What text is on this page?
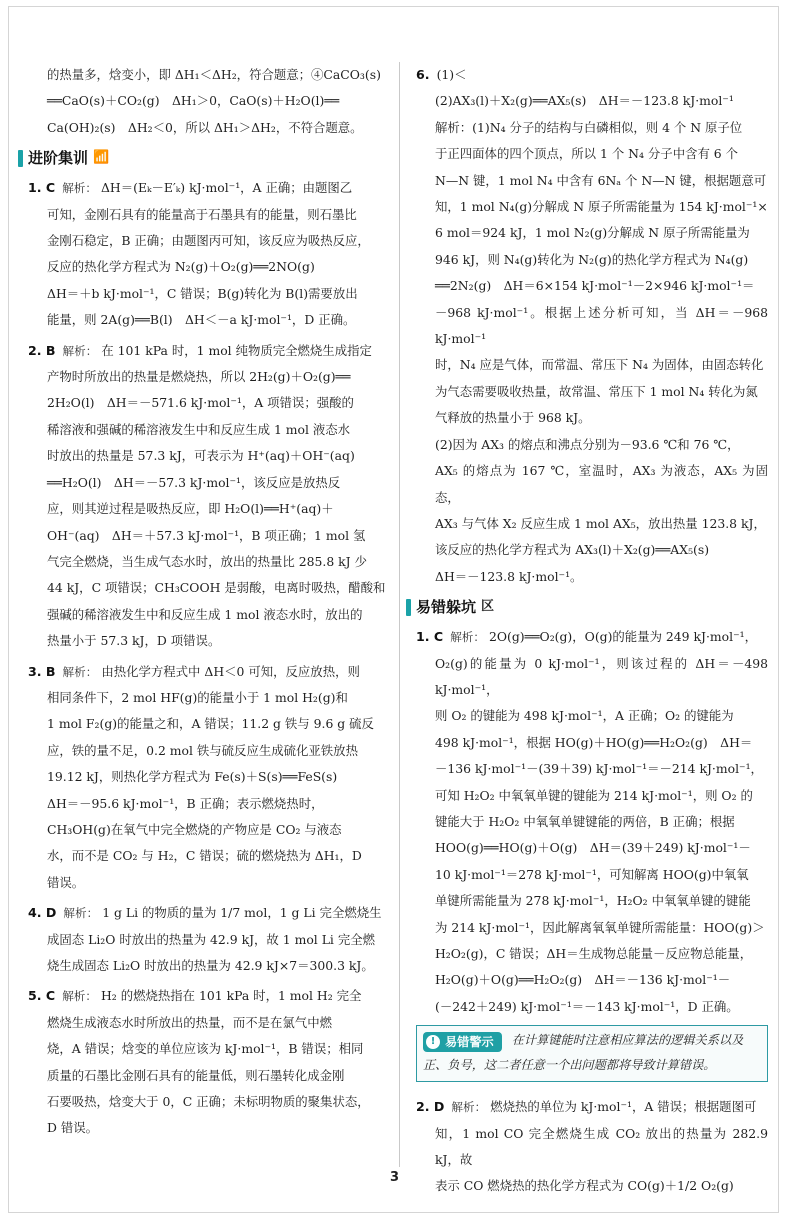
的热量多，焓变小，即 ΔH₁＜ΔH₂，符合题意；④CaCO₃(s)

══CaO(s)＋CO₂(g)　ΔH₁＞0，CaO(s)＋H₂O(l)══

Ca(OH)₂(s)　ΔH₂＜0，所以 ΔH₁＞ΔH₂，不符合题意。

进阶集训 📶
1. C 解析： ΔH＝(Eₖ－E′ₖ) kJ·mol⁻¹，A 正确；由题图乙

可知，金刚石具有的能量高于石墨具有的能量，则石墨比

金刚石稳定，B 正确；由题图丙可知，该反应为吸热反应，

反应的热化学方程式为 N₂(g)＋O₂(g)══2NO(g)

ΔH＝＋b kJ·mol⁻¹，C 错误；B(g)转化为 B(l)需要放出

能量，则 2A(g)══B(l)　ΔH＜－a kJ·mol⁻¹，D 正确。

2. B 解析： 在 101 kPa 时，1 mol 纯物质完全燃烧生成指定

产物时所放出的热量是燃烧热，所以 2H₂(g)＋O₂(g)══

2H₂O(l)　ΔH＝－571.6 kJ·mol⁻¹，A 项错误；强酸的

稀溶液和强碱的稀溶液发生中和反应生成 1 mol 液态水

时放出的热量是 57.3 kJ，可表示为 H⁺(aq)＋OH⁻(aq)

══H₂O(l)　ΔH＝－57.3 kJ·mol⁻¹，该反应是放热反

应，则其逆过程是吸热反应，即 H₂O(l)══H⁺(aq)＋

OH⁻(aq)　ΔH＝＋57.3 kJ·mol⁻¹，B 项正确；1 mol 氢

气完全燃烧，当生成气态水时，放出的热量比 285.8 kJ 少

44 kJ，C 项错误；CH₃COOH 是弱酸，电离时吸热，醋酸和

强碱的稀溶液发生中和反应生成 1 mol 液态水时，放出的

热量小于 57.3 kJ，D 项错误。

3. B 解析： 由热化学方程式中 ΔH＜0 可知，反应放热，则

相同条件下，2 mol HF(g)的能量小于 1 mol H₂(g)和

1 mol F₂(g)的能量之和，A 错误；11.2 g 铁与 9.6 g 硫反

应，铁的量不足，0.2 mol 铁与硫反应生成硫化亚铁放热

19.12 kJ，则热化学方程式为 Fe(s)＋S(s)══FeS(s)

ΔH＝－95.6 kJ·mol⁻¹，B 正确；表示燃烧热时，

CH₃OH(g)在氧气中完全燃烧的产物应是 CO₂ 与液态

水，而不是 CO₂ 与 H₂，C 错误；硫的燃烧热为 ΔH₁，D

错误。

4. D 解析： 1 g Li 的物质的量为 1/7 mol，1 g Li 完全燃烧生

成固态 Li₂O 时放出的热量为 42.9 kJ，故 1 mol Li 完全燃

烧生成固态 Li₂O 时放出的热量为 42.9 kJ×7＝300.3 kJ。

5. C 解析： H₂ 的燃烧热指在 101 kPa 时，1 mol H₂ 完全

燃烧生成液态水时所放出的热量，而不是在氯气中燃

烧，A 错误；焓变的单位应该为 kJ·mol⁻¹，B 错误；相同

质量的石墨比金刚石具有的能量低，则石墨转化成金刚

石要吸热，焓变大于 0，C 正确；未标明物质的聚集状态，

D 错误。

6. (1)＜

(2)AX₃(l)＋X₂(g)══AX₅(s)　ΔH＝－123.8 kJ·mol⁻¹

解析：(1)N₄ 分子的结构与白磷相似，则 4 个 N 原子位

于正四面体的四个顶点，所以 1 个 N₄ 分子中含有 6 个

N—N 键，1 mol N₄ 中含有 6Nₐ 个 N—N 键，根据题意可

知，1 mol N₄(g)分解成 N 原子所需能量为 154 kJ·mol⁻¹×

6 mol＝924 kJ，1 mol N₂(g)分解成 N 原子所需能量为

946 kJ，则 N₄(g)转化为 N₂(g)的热化学方程式为 N₄(g)

══2N₂(g)　ΔH＝6×154 kJ·mol⁻¹－2×946 kJ·mol⁻¹＝

－968 kJ·mol⁻¹。根据上述分析可知，当 ΔH＝－968 kJ·mol⁻¹

时，N₄ 应是气体，而常温、常压下 N₄ 为固体，由固态转化

为气态需要吸收热量，故常温、常压下 1 mol N₄ 转化为氮

气释放的热量小于 968 kJ。

(2)因为 AX₃ 的熔点和沸点分别为－93.6 ℃和 76 ℃，

AX₅ 的熔点为 167 ℃，室温时，AX₃ 为液态，AX₅ 为固态，

AX₃ 与气体 X₂ 反应生成 1 mol AX₅，放出热量 123.8 kJ，

该反应的热化学方程式为 AX₃(l)＋X₂(g)══AX₅(s)

ΔH＝－123.8 kJ·mol⁻¹。

易错躲坑 区
1. C 解析： 2O(g)══O₂(g)，O(g)的能量为 249 kJ·mol⁻¹，

O₂(g)的能量为 0 kJ·mol⁻¹，则该过程的 ΔH＝－498 kJ·mol⁻¹，

则 O₂ 的键能为 498 kJ·mol⁻¹，A 正确；O₂ 的键能为

498 kJ·mol⁻¹，根据 HO(g)＋HO(g)══H₂O₂(g)　ΔH＝

－136 kJ·mol⁻¹－(39＋39) kJ·mol⁻¹＝－214 kJ·mol⁻¹，

可知 H₂O₂ 中氧氧单键的键能为 214 kJ·mol⁻¹，则 O₂ 的

键能大于 H₂O₂ 中氧氧单键键能的两倍，B 正确；根据

HOO(g)══HO(g)＋O(g)　ΔH＝(39＋249) kJ·mol⁻¹－

10 kJ·mol⁻¹＝278 kJ·mol⁻¹，可知解离 HOO(g)中氧氧

单键所需能量为 278 kJ·mol⁻¹，H₂O₂ 中氧氧单键的键能

为 214 kJ·mol⁻¹，因此解离氧氧单键所需能量：HOO(g)＞

H₂O₂(g)，C 错误；ΔH＝生成物总能量－反应物总能量，

H₂O(g)＋O(g)══H₂O₂(g)　ΔH＝－136 kJ·mol⁻¹－

(－242＋249) kJ·mol⁻¹＝－143 kJ·mol⁻¹，D 正确。

! 易错警示 在计算键能时注意相应算法的逻辑关系以及正、负号，这二者任意一个出问题都将导致计算错误。
2. D 解析： 燃烧热的单位为 kJ·mol⁻¹，A 错误；根据题图可

知，1 mol CO 完全燃烧生成 CO₂ 放出的热量为 282.9 kJ，故

表示 CO 燃烧热的热化学方程式为 CO(g)＋1/2 O₂(g)

3
